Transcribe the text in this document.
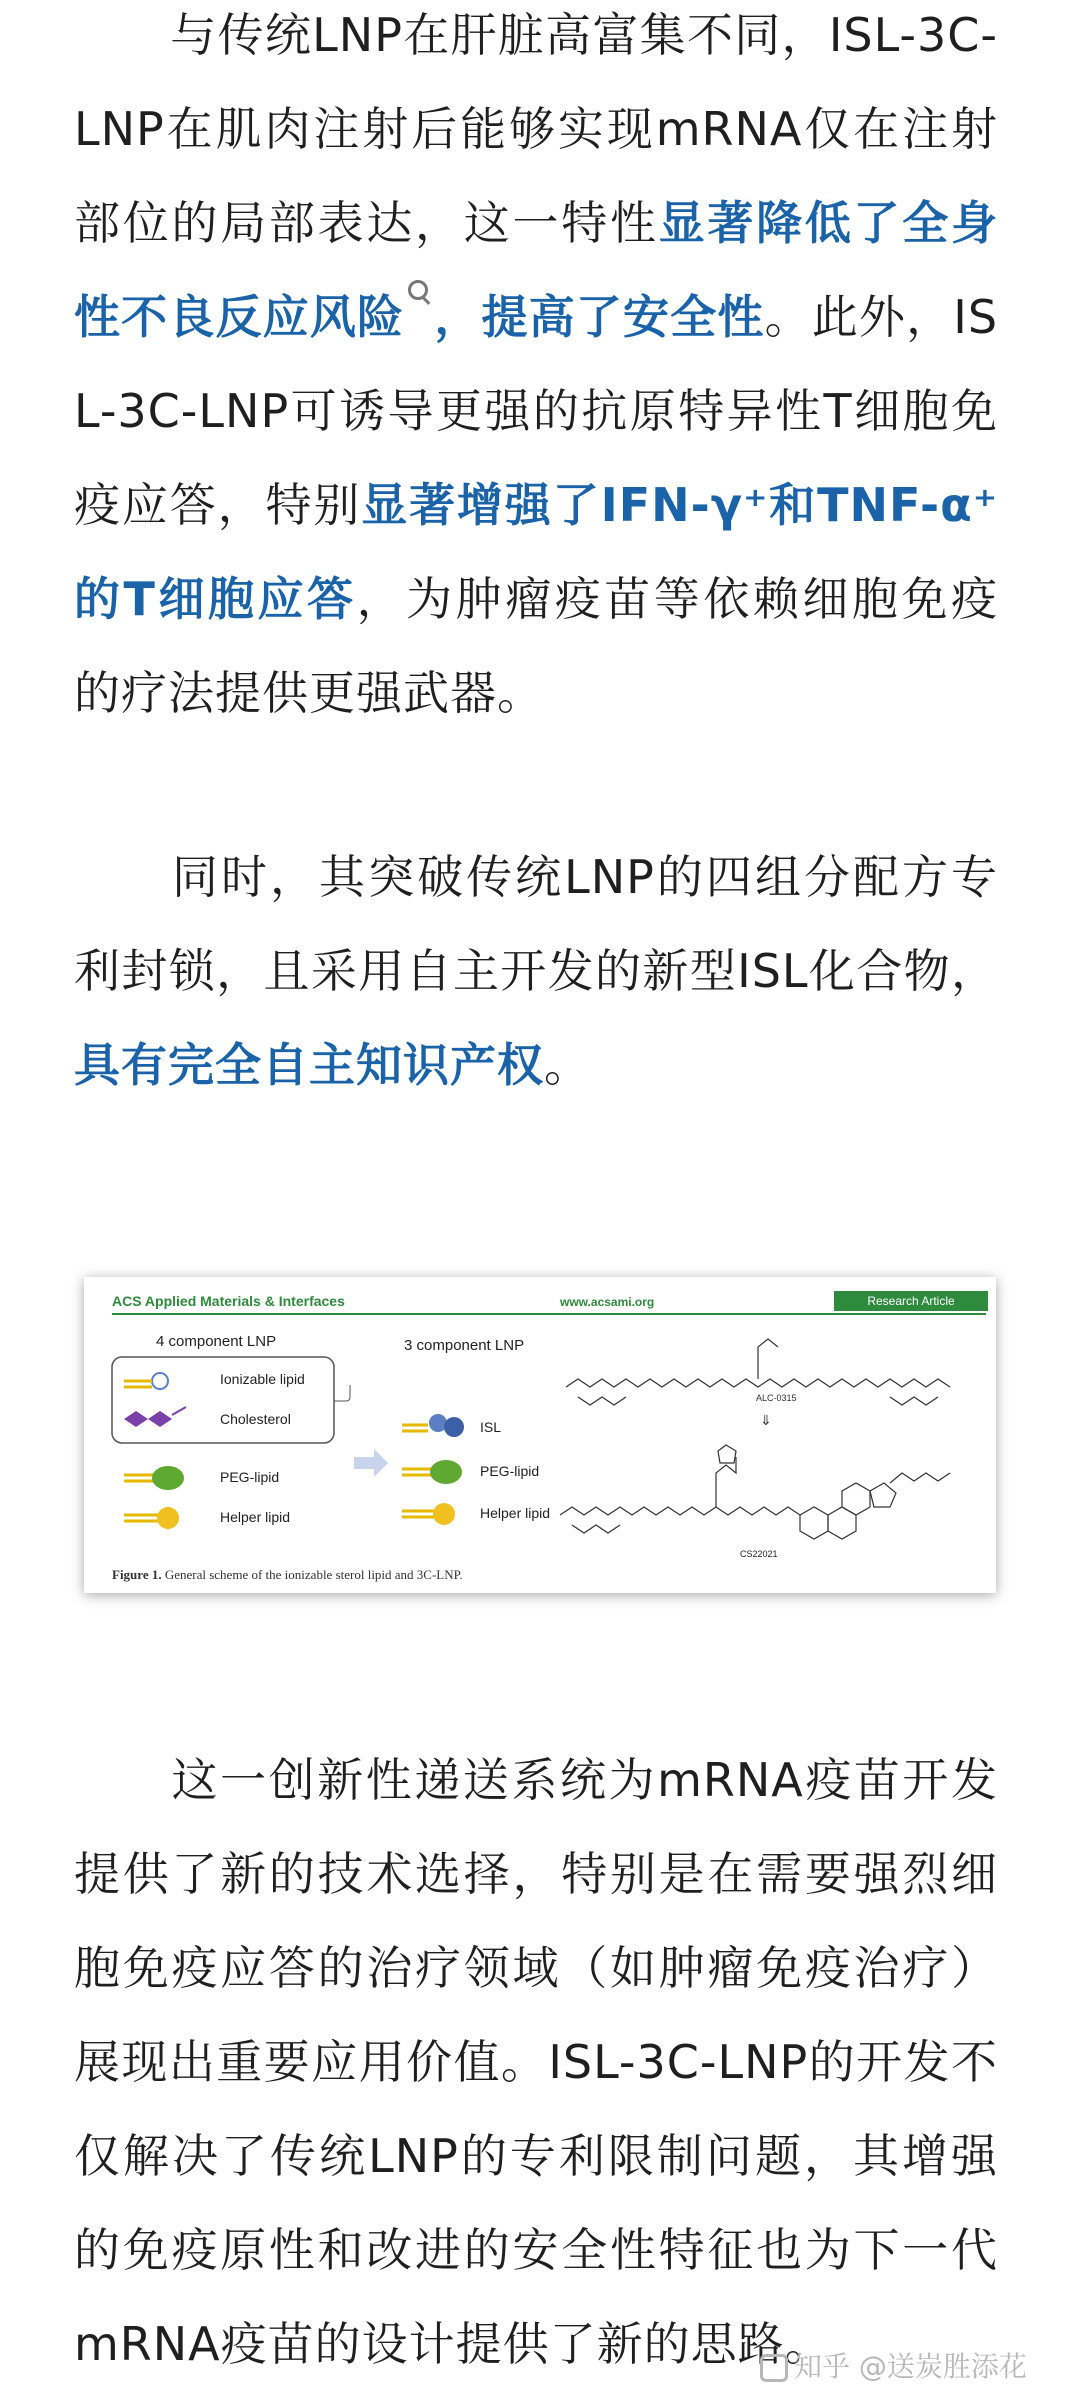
与传统LNP在肝脏高富集不同，ISL-3C-LNP在肌肉注射后能够实现mRNA仅在注射部位的局部表达，这一特性显著降低了全身性不良反应风险 ，提高了安全性。此外，ISL-3C-LNP可诱导更强的抗原特异性T细胞免疫应答，特别显著增强了IFN-γ⁺和TNF-α⁺的T细胞应答，为肿瘤疫苗等依赖细胞免疫的疗法提供更强武器。
同时，其突破传统LNP的四组分配方专利封锁，且采用自主开发的新型ISL化合物，具有完全自主知识产权。
ACS Applied Materials & Interfaces	www.acsami.org	Research Article
ALC-0315
⇓
4 component LNP
Ionizable lipid
Cholesterol
PEG-lipid
Helper lipid
3 component LNP
ISL
PEG-lipid
Helper lipid
CS22021
Figure 1. General scheme of the ionizable sterol lipid and 3C-LNP.
这一创新性递送系统为mRNA疫苗开发提供了新的技术选择，特别是在需要强烈细胞免疫应答的治疗领域（如肿瘤免疫治疗）展现出重要应用价值。ISL-3C-LNP的开发不仅解决了传统LNP的专利限制问题，其增强的免疫原性和改进的安全性特征也为下一代mRNA疫苗的设计提供了新的思路。
知乎 @送炭胜添花
